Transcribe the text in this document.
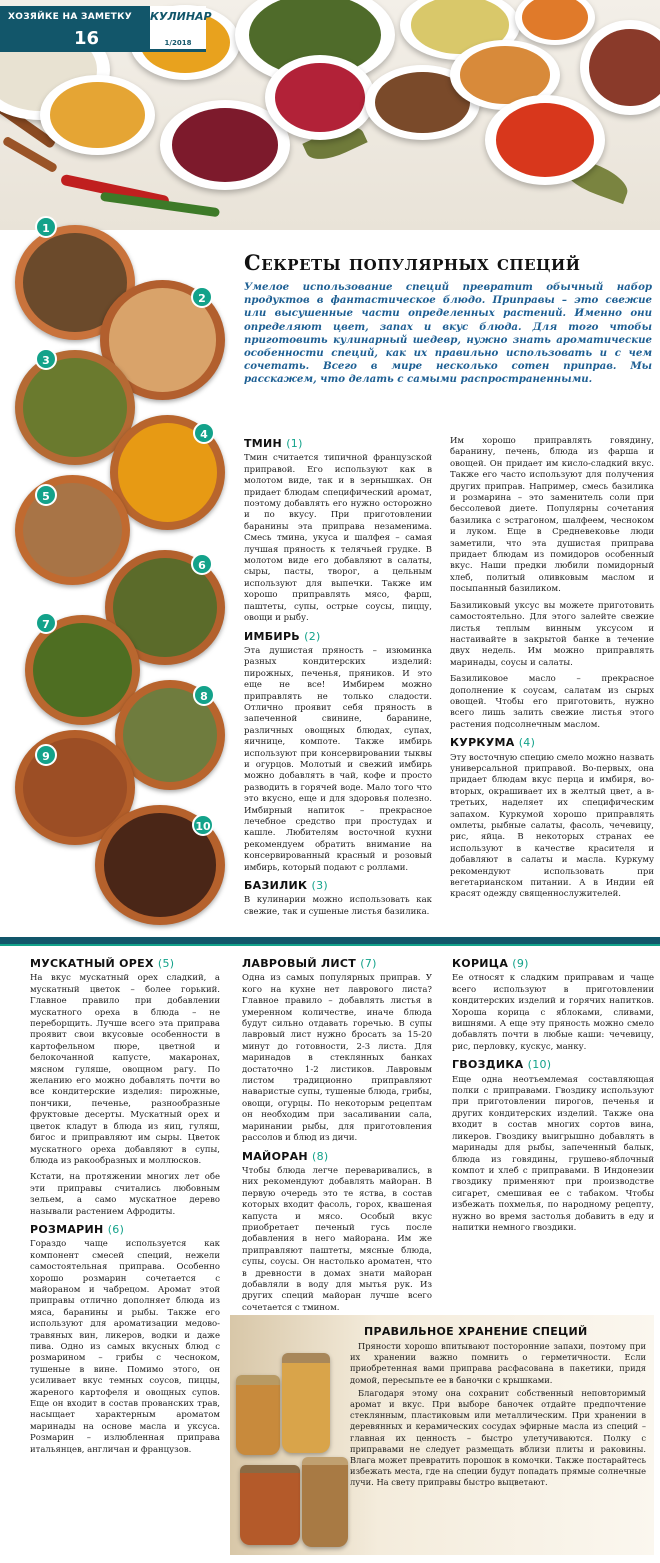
ХОЗЯЙКЕ НА ЗАМЕТКУ
16
КУЛИНАР
1/2018
1
2
3
4
5
6
7
8
9
10
Секреты популярных специй
Умелое использование специй превратит обычный набор продуктов в фантастическое блюдо. Приправы – это свежие или высушенные части определенных растений. Именно они определяют цвет, запах и вкус блюда. Для того чтобы приготовить кулинарный шедевр, нужно знать ароматические особенности специй, как их правильно использовать и с чем сочетать. Всего в мире несколько сотен приправ. Мы расскажем, что делать с самыми распространенными.
ТМИН (1)

Тмин считается типичной французской приправой. Его используют как в молотом виде, так и в зернышках. Он придает блюдам специфический аромат, поэтому добавлять его нужно осторожно и по вкусу. При приготовлении баранины эта приправа незаменима. Смесь тмина, укуса и шалфея – самая лучшая пряность к телячьей грудке. В молотом виде его добавляют в салаты, сыры, пасты, творог, а цельным используют для выпечки. Также им хорошо приправлять мясо, фарш, паштеты, супы, острые соусы, пиццу, овощи и рыбу.

ИМБИРЬ (2)

Эта душистая пряность – изюминка разных кондитерских изделий: пирожных, печенья, пряников. И это еще не все! Имбирем можно приправлять не только сладости. Отлично проявит себя пряность в запеченной свинине, баранине, различных овощных блюдах, супах, яичнице, компоте. Также имбирь используют при консервировании тыквы и огурцов. Молотый и свежий имбирь можно добавлять в чай, кофе и просто разводить в горячей воде. Мало того что это вкусно, еще и для здоровья полезно. Имбирный напиток – прекрасное лечебное средство при простудах и кашле. Любителям восточной кухни рекомендуем обратить внимание на консервированный красный и розовый имбирь, который подают с роллами.

БАЗИЛИК (3)

В кулинарии можно использовать как свежие, так и сушеные листья базилика.

Им хорошо приправлять говядину, баранину, печень, блюда из фарша и овощей. Он придает им кисло-сладкий вкус. Также его часто используют для получения других приправ. Например, смесь базилика и розмарина – это заменитель соли при бессолевой диете. Популярны сочетания базилика с эстрагоном, шалфеем, чесноком и луком. Еще в Средневековье люди заметили, что эта душистая приправа придает блюдам из помидоров особенный вкус. Наши предки любили помидорный хлеб, политый оливковым маслом и посыпанный базиликом.

Базиликовый уксус вы можете приготовить самостоятельно. Для этого залейте свежие листья теплым винным уксусом и настаивайте в закрытой банке в течение двух недель. Им можно приправлять маринады, соусы и салаты.

Базиликовое масло – прекрасное дополнение к соусам, салатам из сырых овощей. Чтобы его приготовить, нужно всего лишь залить свежие листья этого растения подсолнечным маслом.

КУРКУМА (4)

Эту восточную специю смело можно назвать универсальной приправой. Во-первых, она придает блюдам вкус перца и имбиря, во-вторых, окрашивает их в желтый цвет, а в-третьих, наделяет их специфическим запахом. Куркумой хорошо приправлять омлеты, рыбные салаты, фасоль, чечевицу, рис, яйца. В некоторых странах ее используют в качестве красителя и добавляют в салаты и масла. Куркуму рекомендуют использовать при вегетарианском питании. А в Индии ей красят одежду священнослужителей.

МУСКАТНЫЙ ОРЕХ (5)

На вкус мускатный орех сладкий, а мускатный цветок – более горький. Главное правило при добавлении мускатного ореха в блюда – не переборщить. Лучше всего эта приправа проявит свои вкусовые особенности в картофельном пюре, цветной и белокочанной капусте, макаронах, мясном гуляше, овощном рагу. По желанию его можно добавлять почти во все кондитерские изделия: пирожные, пончики, печенье, разнообразные фруктовые десерты. Мускатный орех и цветок кладут в блюда из яиц, гуляш, бигос и приправляют им сыры. Цветок мускатного ореха добавляют в супы, блюда из ракообразных и моллюсков.

Кстати, на протяжении многих лет обе эти приправы считались любовным зельем, а само мускатное дерево называли растением Афродиты.

РОЗМАРИН (6)

Гораздо чаще используется как компонент смесей специй, нежели самостоятельная приправа. Особенно хорошо розмарин сочетается с майораном и чабрецом. Аромат этой приправы отлично дополняет блюда из мяса, баранины и рыбы. Также его используют для ароматизации медово-травяных вин, ликеров, водки и даже пива. Одно из самых вкусных блюд с розмарином – грибы с чесноком, тушеные в вине. Помимо этого, он усиливает вкус темных соусов, пиццы, жареного картофеля и овощных супов. Еще он входит в состав прованских трав, насыщает характерным ароматом маринады на основе масла и уксуса. Розмарин – излюбленная приправа итальянцев, англичан и французов.

ЛАВРОВЫЙ ЛИСТ (7)

Одна из самых популярных приправ. У кого на кухне нет лаврового листа? Главное правило – добавлять листья в умеренном количестве, иначе блюда будут сильно отдавать горечью. В супы лавровый лист нужно бросать за 15-20 минут до готовности, 2-3 листа. Для маринадов в стеклянных банках достаточно 1-2 листиков. Лавровым листом традиционно приправляют наваристые супы, тушеные блюда, грибы, овощи, огурцы. По некоторым рецептам он необходим при засаливании сала, маринании рыбы, для приготовления рассолов и блюд из дичи.

МАЙОРАН (8)

Чтобы блюда легче переваривались, в них рекомендуют добавлять майоран. В первую очередь это те яства, в состав которых входит фасоль, горох, квашеная капуста и мясо. Особый вкус приобретает печеный гусь после добавления в него майорана. Им же приправляют паштеты, мясные блюда, супы, соусы. Он настолько ароматен, что в древности в домах знати майоран добавляли в воду для мытья рук. Из других специй майоран лучше всего сочетается с тмином.

КОРИЦА (9)

Ее относят к сладким приправам и чаще всего используют в приготовлении кондитерских изделий и горячих напитков. Хороша корица с яблоками, сливами, вишнями. А еще эту пряность можно смело добавлять почти в любые каши: чечевицу, рис, перловку, кускус, манку.

ГВОЗДИКА (10)

Еще одна неотъемлемая составляющая полки с приправами. Гвоздику используют при приготовлении пирогов, печенья и других кондитерских изделий. Также она входит в состав многих сортов вина, ликеров. Гвоздику выигрышно добавлять в маринады для рыбы, запеченный балык, блюда из говядины, грушево-яблочный компот и хлеб с приправами. В Индонезии гвоздику применяют при производстве сигарет, смешивая ее с табаком. Чтобы избежать похмелья, по народному рецепту, нужно во время застолья добавить в еду и напитки немного гвоздики.

ПРАВИЛЬНОЕ ХРАНЕНИЕ СПЕЦИЙ

Пряности хорошо впитывают посторонние запахи, поэтому при их хранении важно помнить о герметичности. Если приобретенная вами приправа расфасована в пакетики, придя домой, пересыпьте ее в баночки с крышками.

Благодаря этому она сохранит собственный неповторимый аромат и вкус. При выборе баночек отдайте предпочтение стеклянным, пластиковым или металлическим. При хранении в деревянных и керамических сосудах эфирные масла из специй – главная их ценность – быстро улетучиваются. Полку с приправами не следует размещать вблизи плиты и раковины. Влага может превратить порошок в комочки. Также постарайтесь избежать места, где на специи будут попадать прямые солнечные лучи. На свету приправы быстро выцветают.
